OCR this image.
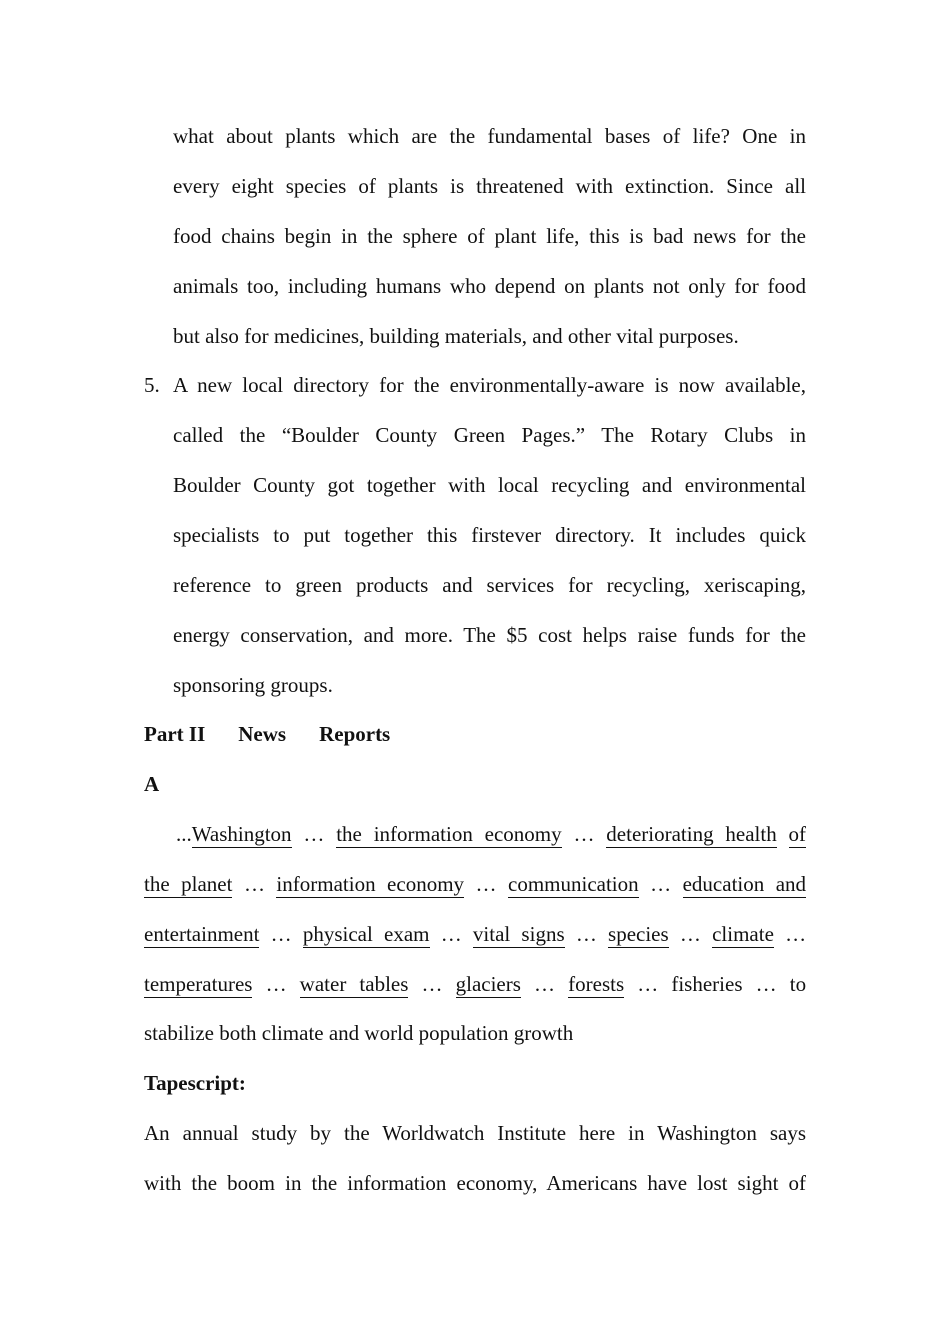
what about plants which are the fundamental bases of life? One in
every eight species of plants is threatened with extinction. Since all
food chains begin in the sphere of plant life, this is bad news for the
animals too, including humans who depend on plants not only for food
but also for medicines, building materials, and other vital purposes.
5. A new local directory for the environmentally-aware is now available,
called the “Boulder County Green Pages.” The Rotary Clubs in
Boulder County got together with local recycling and environmental
specialists to put together this firstever directory. It includes quick
reference to green products and services for recycling, xeriscaping,
energy conservation, and more. The $5 cost helps raise funds for the
sponsoring groups.
Part II News Reports
A
...Washington … the information economy … deteriorating health of
the planet … information economy … communication … education and
entertainment … physical exam … vital signs … species … climate …
temperatures … water tables … glaciers … forests … fisheries … to
stabilize both climate and world population growth
Tapescript:
An annual study by the Worldwatch Institute here in Washington says
with the boom in the information economy, Americans have lost sight of
